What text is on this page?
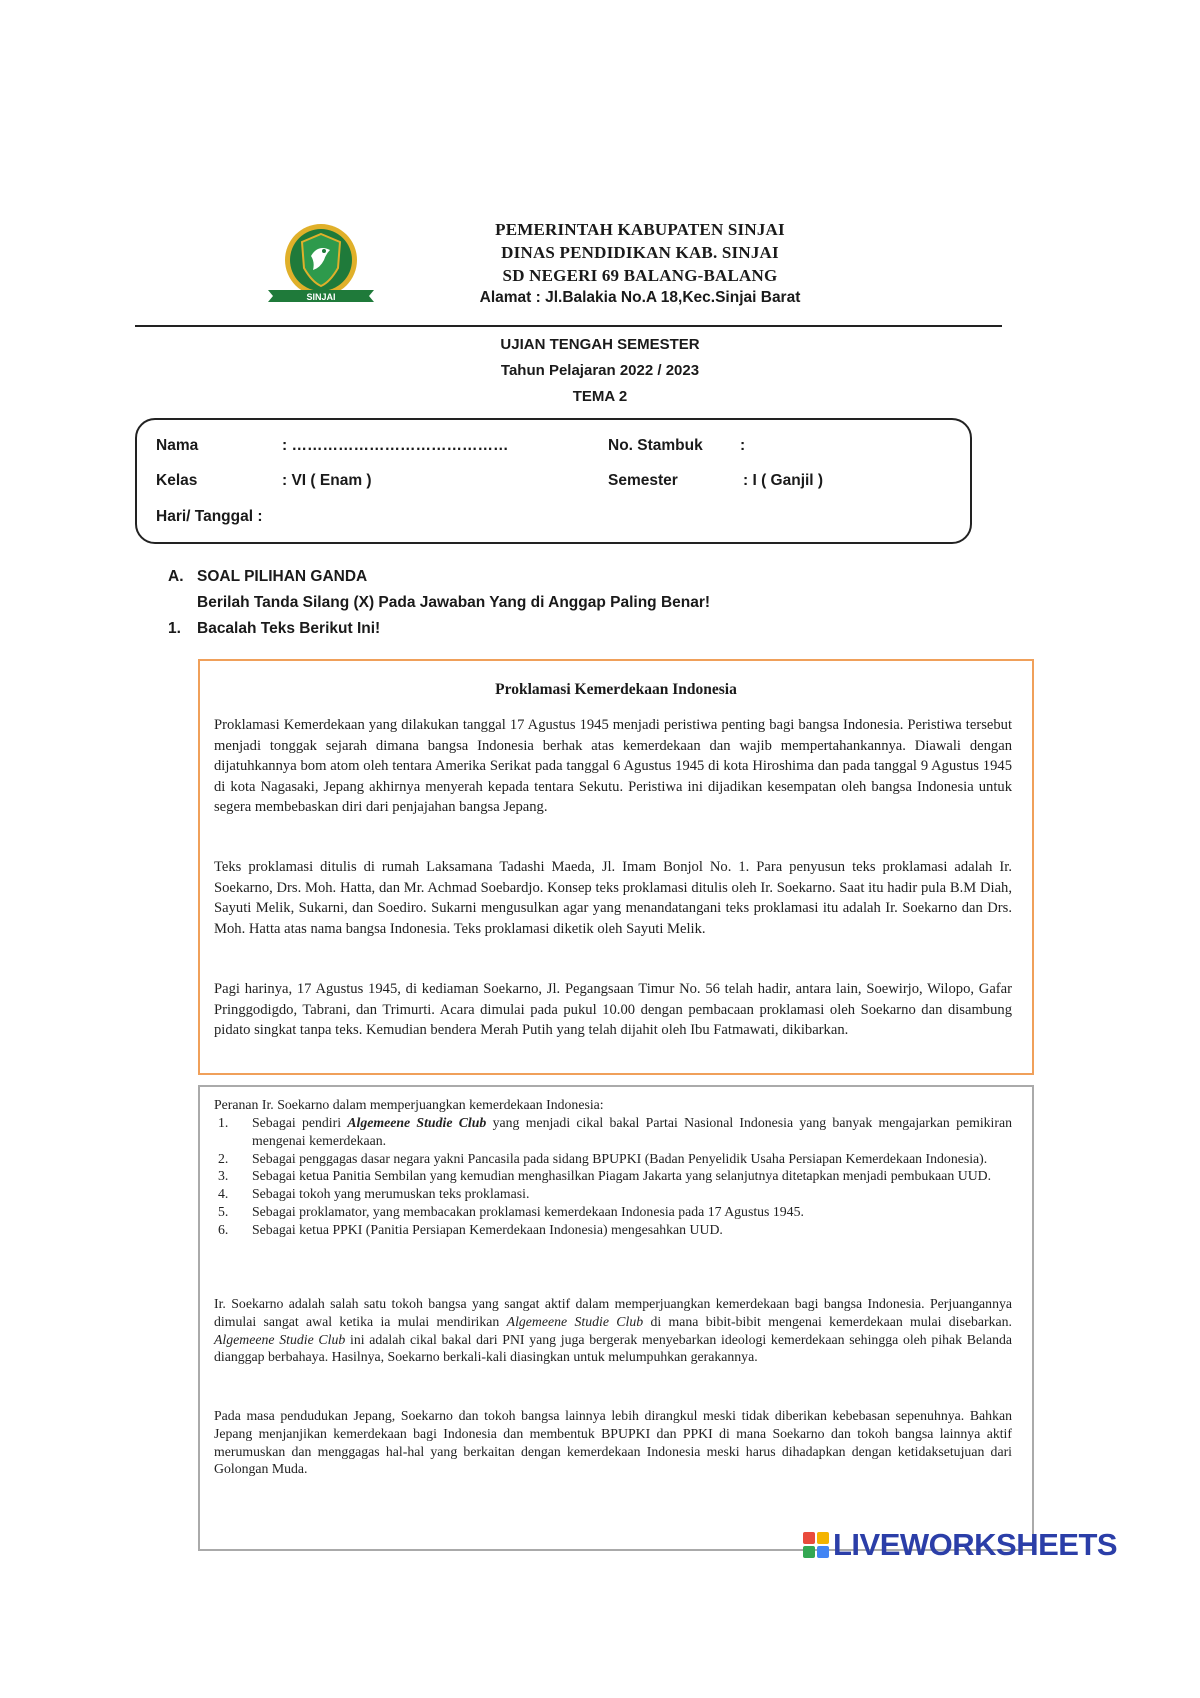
SINJAI
PEMERINTAH KABUPATEN SINJAI
DINAS PENDIDIKAN KAB. SINJAI
SD NEGERI 69 BALANG-BALANG
Alamat : Jl.Balakia No.A 18,Kec.Sinjai Barat
UJIAN TENGAH SEMESTER
Tahun Pelajaran 2022 / 2023
TEMA 2
Nama	: ……………………………………	No. Stambuk :
Kelas	: VI ( Enam )	Semester	: I ( Ganjil )
Hari/ Tanggal :
A. SOAL PILIHAN GANDA
Berilah Tanda Silang (X) Pada Jawaban Yang di Anggap Paling Benar!
1. Bacalah Teks Berikut Ini!
Proklamasi Kemerdekaan Indonesia

Proklamasi Kemerdekaan yang dilakukan tanggal 17 Agustus 1945 menjadi peristiwa penting bagi bangsa Indonesia. Peristiwa tersebut menjadi tonggak sejarah dimana bangsa Indonesia berhak atas kemerdekaan dan wajib mempertahankannya. Diawali dengan dijatuhkannya bom atom oleh tentara Amerika Serikat pada tanggal 6 Agustus 1945 di kota Hiroshima dan pada tanggal 9 Agustus 1945 di kota Nagasaki, Jepang akhirnya menyerah kepada tentara Sekutu. Peristiwa ini dijadikan kesempatan oleh bangsa Indonesia untuk segera membebaskan diri dari penjajahan bangsa Jepang.

Teks proklamasi ditulis di rumah Laksamana Tadashi Maeda, Jl. Imam Bonjol No. 1. Para penyusun teks proklamasi adalah Ir. Soekarno, Drs. Moh. Hatta, dan Mr. Achmad Soebardjo. Konsep teks proklamasi ditulis oleh Ir. Soekarno. Saat itu hadir pula B.M Diah, Sayuti Melik, Sukarni, dan Soediro. Sukarni mengusulkan agar yang menandatangani teks proklamasi itu adalah Ir. Soekarno dan Drs. Moh. Hatta atas nama bangsa Indonesia. Teks proklamasi diketik oleh Sayuti Melik.

Pagi harinya, 17 Agustus 1945, di kediaman Soekarno, Jl. Pegangsaan Timur No. 56 telah hadir, antara lain, Soewirjo, Wilopo, Gafar Pringgodigdo, Tabrani, dan Trimurti. Acara dimulai pada pukul 10.00 dengan pembacaan proklamasi oleh Soekarno dan disambung pidato singkat tanpa teks. Kemudian bendera Merah Putih yang telah dijahit oleh Ibu Fatmawati, dikibarkan.

Peranan Ir. Soekarno dalam memperjuangkan kemerdekaan Indonesia:

1. Sebagai pendiri Algemeene Studie Club yang menjadi cikal bakal Partai Nasional Indonesia yang banyak mengajarkan pemikiran mengenai kemerdekaan.
2. Sebagai penggagas dasar negara yakni Pancasila pada sidang BPUPKI (Badan Penyelidik Usaha Persiapan Kemerdekaan Indonesia).
3. Sebagai ketua Panitia Sembilan yang kemudian menghasilkan Piagam Jakarta yang selanjutnya ditetapkan menjadi pembukaan UUD.
4. Sebagai tokoh yang merumuskan teks proklamasi.
5. Sebagai proklamator, yang membacakan proklamasi kemerdekaan Indonesia pada 17 Agustus 1945.
6. Sebagai ketua PPKI (Panitia Persiapan Kemerdekaan Indonesia) mengesahkan UUD.

Ir. Soekarno adalah salah satu tokoh bangsa yang sangat aktif dalam memperjuangkan kemerdekaan bagi bangsa Indonesia. Perjuangannya dimulai sangat awal ketika ia mulai mendirikan Algemeene Studie Club di mana bibit-bibit mengenai kemerdekaan mulai disebarkan. Algemeene Studie Club ini adalah cikal bakal dari PNI yang juga bergerak menyebarkan ideologi kemerdekaan sehingga oleh pihak Belanda dianggap berbahaya. Hasilnya, Soekarno berkali-kali diasingkan untuk melumpuhkan gerakannya.

Pada masa pendudukan Jepang, Soekarno dan tokoh bangsa lainnya lebih dirangkul meski tidak diberikan kebebasan sepenuhnya. Bahkan Jepang menjanjikan kemerdekaan bagi Indonesia dan membentuk BPUPKI dan PPKI di mana Soekarno dan tokoh bangsa lainnya aktif merumuskan dan menggagas hal-hal yang berkaitan dengan kemerdekaan Indonesia meski harus dihadapkan dengan ketidaksetujuan dari Golongan Muda.

LIVEWORKSHEETS
